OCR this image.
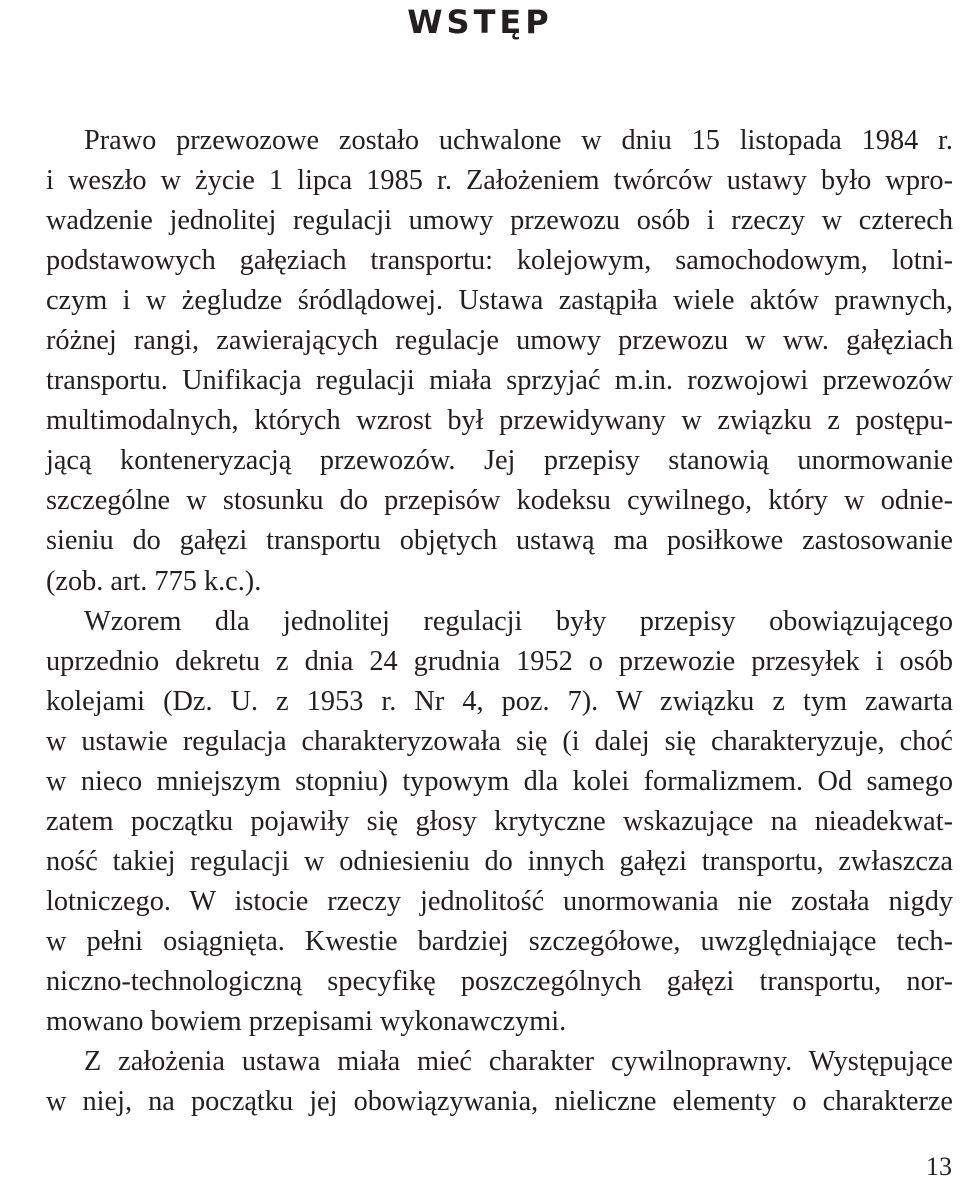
WSTĘP

Prawo przewozowe zostało uchwalone w dniu 15 listopada 1984 r.
i weszło w życie 1 lipca 1985 r. Założeniem twórców ustawy było wpro-
wadzenie jednolitej regulacji umowy przewozu osób i rzeczy w czterech
podstawowych gałęziach transportu: kolejowym, samochodowym, lotni-
czym i w żegludze śródlądowej. Ustawa zastąpiła wiele aktów prawnych,
różnej rangi, zawierających regulacje umowy przewozu w ww. gałęziach
transportu. Unifikacja regulacji miała sprzyjać m.in. rozwojowi przewozów
multimodalnych, których wzrost był przewidywany w związku z postępu-
jącą konteneryzacją przewozów. Jej przepisy stanowią unormowanie
szczególne w stosunku do przepisów kodeksu cywilnego, który w odnie-
sieniu do gałęzi transportu objętych ustawą ma posiłkowe zastosowanie
(zob. art. 775 k.c.).

Wzorem dla jednolitej regulacji były przepisy obowiązującego
uprzednio dekretu z dnia 24 grudnia 1952 o przewozie przesyłek i osób
kolejami (Dz. U. z 1953 r. Nr 4, poz. 7). W związku z tym zawarta
w ustawie regulacja charakteryzowała się (i dalej się charakteryzuje, choć
w nieco mniejszym stopniu) typowym dla kolei formalizmem. Od samego
zatem początku pojawiły się głosy krytyczne wskazujące na nieadekwat-
ność takiej regulacji w odniesieniu do innych gałęzi transportu, zwłaszcza
lotniczego. W istocie rzeczy jednolitość unormowania nie została nigdy
w pełni osiągnięta. Kwestie bardziej szczegółowe, uwzględniające tech-
niczno-technologiczną specyfikę poszczególnych gałęzi transportu, nor-
mowano bowiem przepisami wykonawczymi.

Z założenia ustawa miała mieć charakter cywilnoprawny. Występujące
w niej, na początku jej obowiązywania, nieliczne elementy o charakterze

13
